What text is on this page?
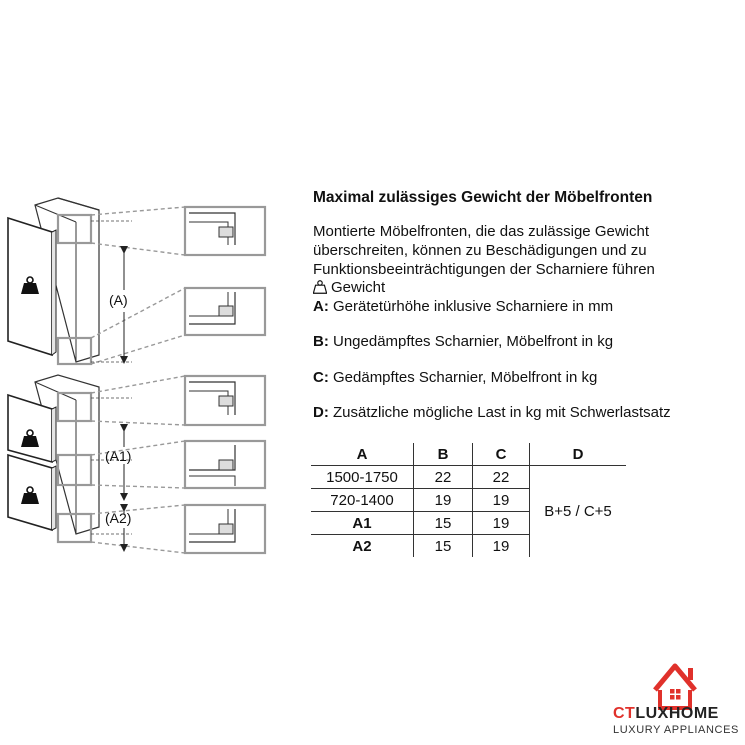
(A)
(A1)
(A2)
Maximal zulässiges Gewicht der Möbelfronten
Montierte Möbelfronten, die das zulässige Gewicht überschreiten, können zu Beschädigungen und zu Funktionsbeeinträchtigungen der Scharniere führen
Gewicht
A: Gerätetürhöhe inklusive Scharniere in mm
B: Ungedämpftes Scharnier, Möbelfront in kg
C: Gedämpftes Scharnier, Möbelfront in kg
D: Zusätzliche mögliche Last in kg mit Schwerlastsatz
A	B	C	D
1500-1750	22	22	B+5 / C+5
720-1400	19	19	
A1	15	19	
A2	15	19	
CTLUXHOME
LUXURY APPLIANCES
